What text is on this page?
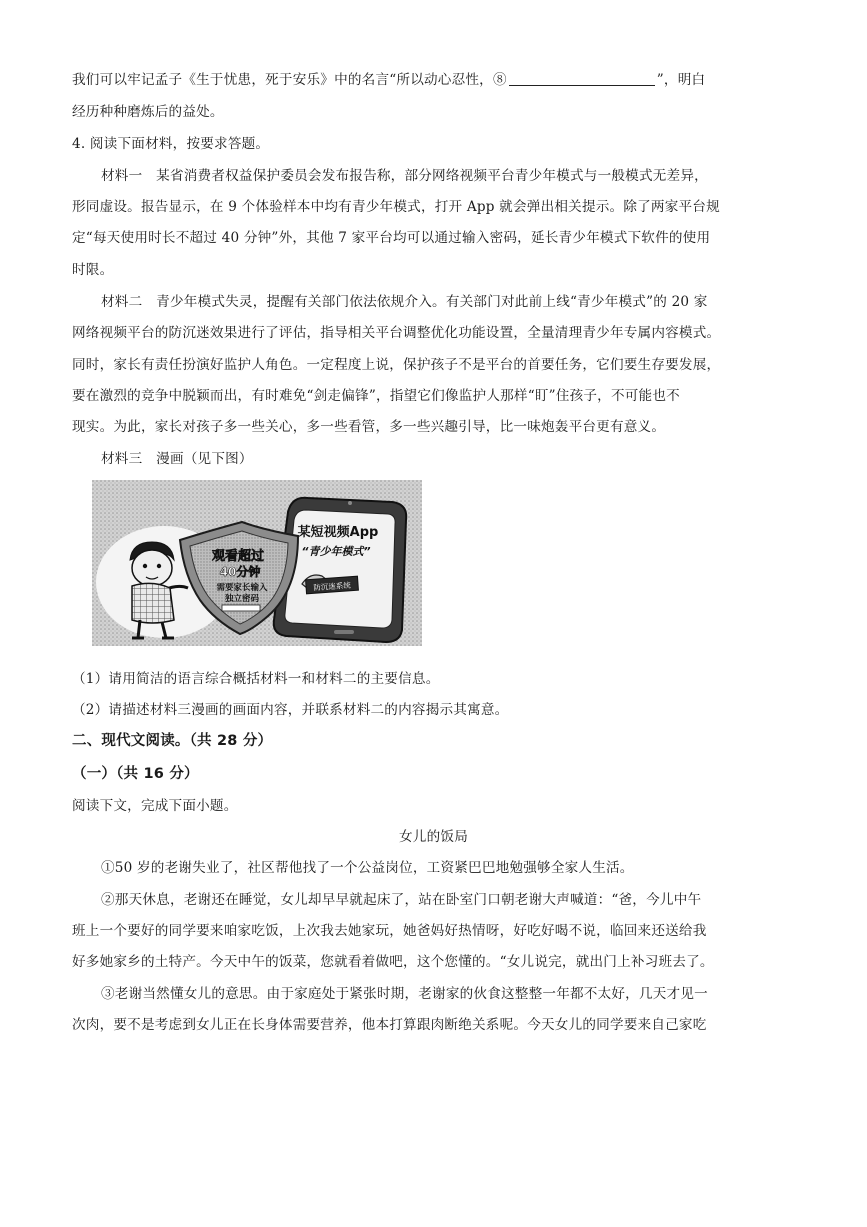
我们可以牢记孟子《生于忧患，死于安乐》中的名言“所以动心忍性，⑧	”，明白
经历种种磨炼后的益处。
4. 阅读下面材料，按要求答题。
材料一　某省消费者权益保护委员会发布报告称，部分网络视频平台青少年模式与一般模式无差异，
形同虚设。报告显示，在 9 个体验样本中均有青少年模式，打开 App 就会弹出相关提示。除了两家平台规
定“每天使用时长不超过 40 分钟”外，其他 7 家平台均可以通过输入密码，延长青少年模式下软件的使用
时限。
材料二　青少年模式失灵，提醒有关部门依法依规介入。有关部门对此前上线“青少年模式”的 20 家
网络视频平台的防沉迷效果进行了评估，指导相关平台调整优化功能设置，全量清理青少年专属内容模式。
同时，家长有责任扮演好监护人角色。一定程度上说，保护孩子不是平台的首要任务，它们要生存要发展，
要在激烈的竞争中脱颖而出，有时难免“剑走偏锋”，指望它们像监护人那样“盯”住孩子，不可能也不
现实。为此，家长对孩子多一些关心，多一些看管，多一些兴趣引导，比一味炮轰平台更有意义。
材料三　漫画（见下图）
某短视频App
“青少年模式”
防沉迷系统
观看超过
40分钟
需要家长输入
独立密码
（1）请用简洁的语言综合概括材料一和材料二的主要信息。
（2）请描述材料三漫画的画面内容，并联系材料二的内容揭示其寓意。
二、现代文阅读。（共 28 分）
（一）（共 16 分）
阅读下文，完成下面小题。
女儿的饭局
①50 岁的老谢失业了，社区帮他找了一个公益岗位，工资紧巴巴地勉强够全家人生活。
②那天休息，老谢还在睡觉，女儿却早早就起床了，站在卧室门口朝老谢大声喊道：“爸，今儿中午
班上一个要好的同学要来咱家吃饭，上次我去她家玩，她爸妈好热情呀，好吃好喝不说，临回来还送给我
好多她家乡的土特产。今天中午的饭菜，您就看着做吧，这个您懂的。“女儿说完，就出门上补习班去了。
③老谢当然懂女儿的意思。由于家庭处于紧张时期，老谢家的伙食这整整一年都不太好，几天才见一
次肉，要不是考虑到女儿正在长身体需要营养，他本打算跟肉断绝关系呢。今天女儿的同学要来自己家吃
